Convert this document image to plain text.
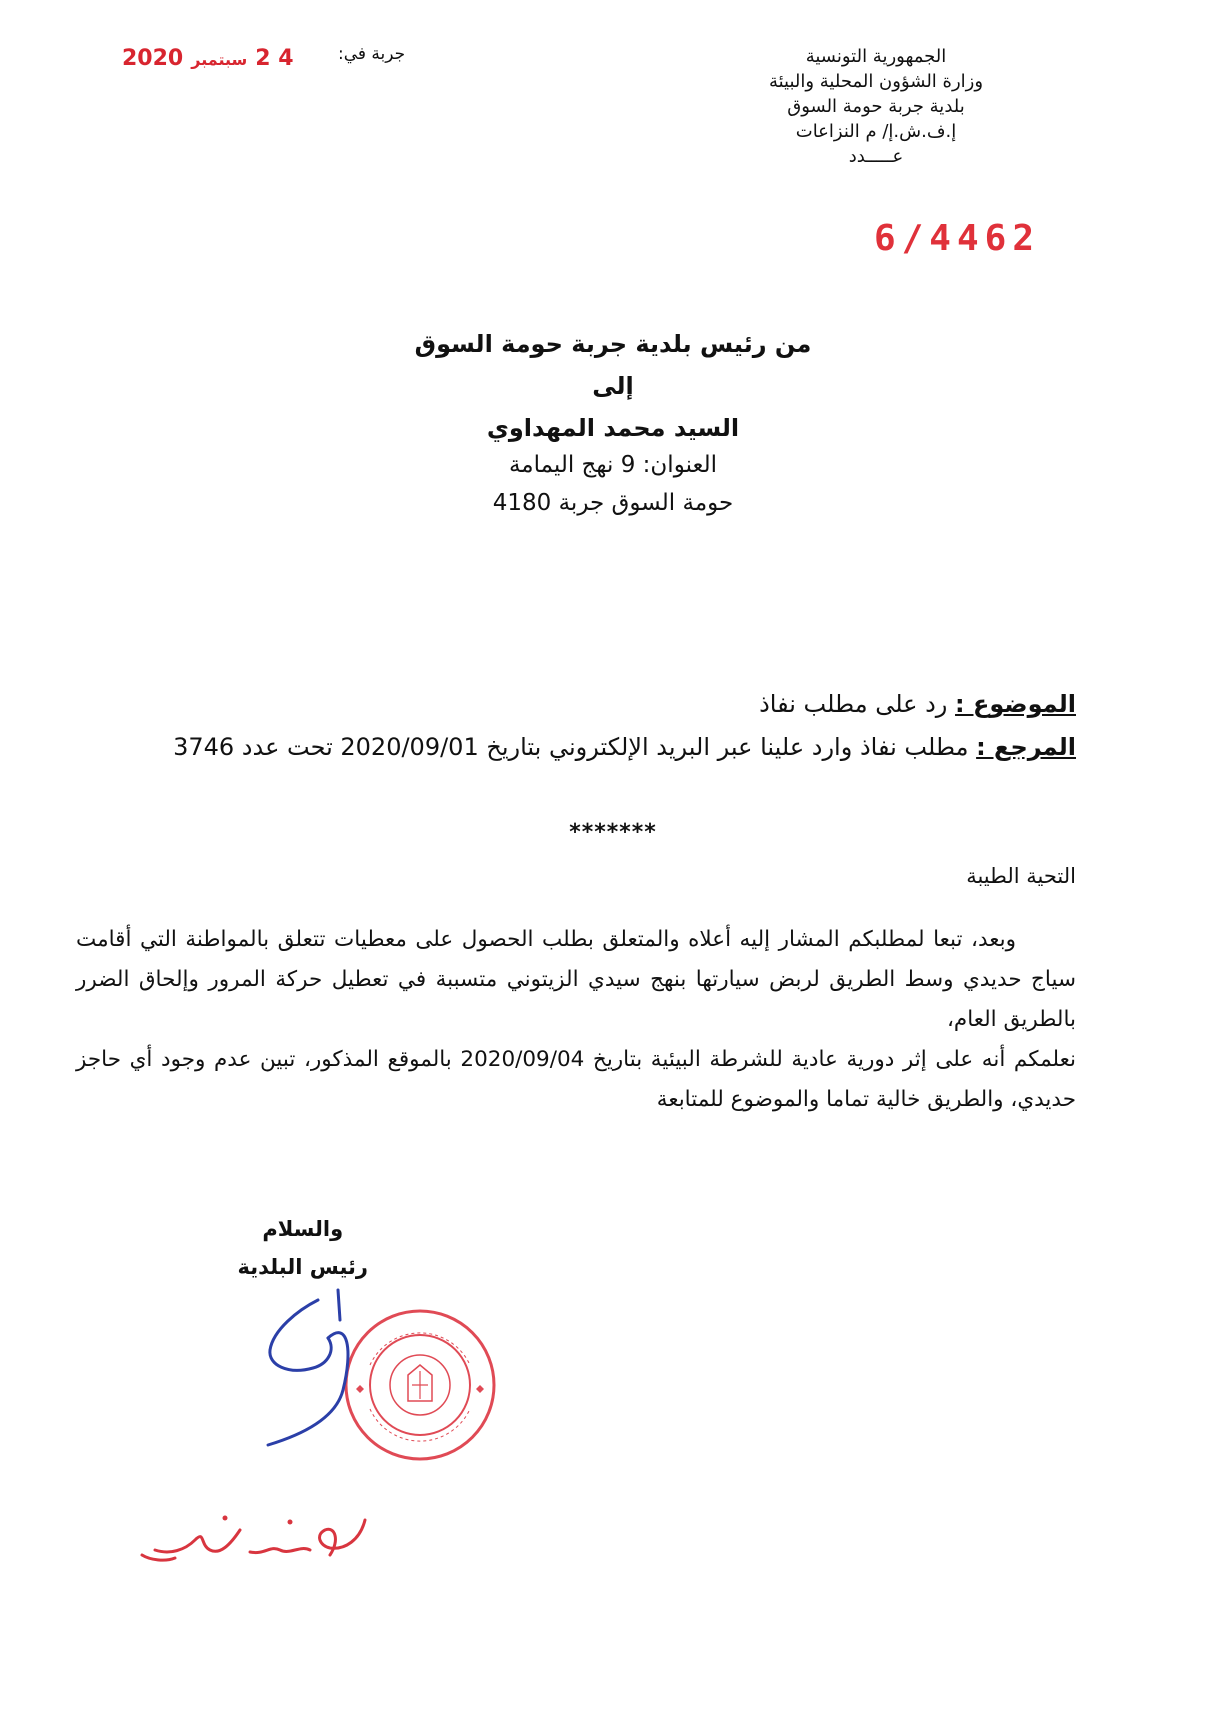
الجمهورية التونسية
وزارة الشؤون المحلية والبيئة
بلدية جربة حومة السوق
إ.ف.ش.إ/ م النزاعات
عـــــدد
6/4462
جربة في:
2020 سبتمبر 2 4
من رئيس بلدية جربة حومة السوق
إلى
السيد محمد المهداوي
العنوان: 9 نهج اليمامة
حومة السوق جربة 4180
الموضوع : رد على مطلب نفاذ
المرجع : مطلب نفاذ وارد علينا عبر البريد الإلكتروني بتاريخ 2020/09/01 تحت عدد 3746
*******
التحية الطيبة

وبعد، تبعا لمطلبكم المشار إليه أعلاه والمتعلق بطلب الحصول على معطيات تتعلق بالمواطنة التي أقامت سياج حديدي وسط الطريق لربض سيارتها بنهج سيدي الزيتوني متسببة في تعطيل حركة المرور وإلحاق الضرر بالطريق العام،

نعلمكم أنه على إثر دورية عادية للشرطة البيئية بتاريخ 2020/09/04 بالموقع المذكور، تبين عدم وجود أي حاجز حديدي، والطريق خالية تماما والموضوع للمتابعة

والسلام
رئيس البلدية
